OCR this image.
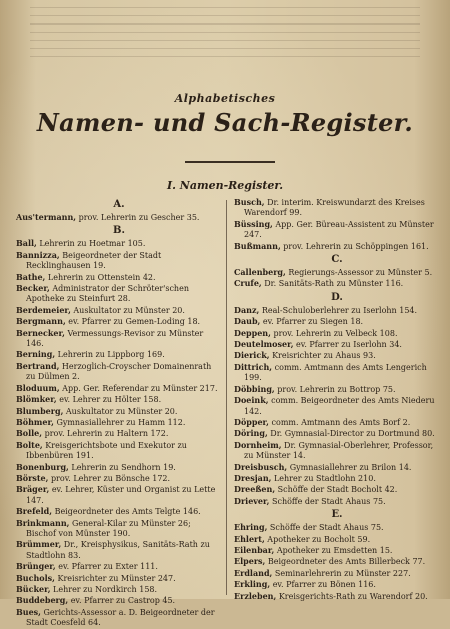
Alphabetisches
Namen- und Sach-Register.
I. Namen-Register.
A.
Aus'termann, prov. Lehrerin zu Gescher 35.
B.
Ball, Lehrerin zu Hoetmar 105.
Bannizza, Beigeordneter der Stadt Recklinghausen 19.
Bathe, Lehrerin zu Ottenstein 42.
Becker, Administrator der Schröter'schen Apotheke zu Steinfurt 28.
Berdemeier, Auskultator zu Münster 20.
Bergmann, ev. Pfarrer zu Gemen-Loding 18.
Bernecker, Vermessungs-Revisor zu Münster 146.
Berning, Lehrerin zu Lippborg 169.
Bertrand, Herzoglich-Croyscher Domainenrath zu Dülmen 2.
Bloduum, App. Ger. Referendar zu Münster 217.
Blömker, ev. Lehrer zu Hölter 158.
Blumberg, Auskultator zu Münster 20.
Böhmer, Gymnasiallehrer zu Hamm 112.
Bolle, prov. Lehrerin zu Haltern 172.
Bolte, Kreisgerichtsbote und Exekutor zu Ibbenbüren 191.
Bonenburg, Lehrerin zu Sendhorn 19.
Börste, prov. Lehrer zu Bönsche 172.
Bräger, ev. Lehrer, Küster und Organist zu Lette 147.
Brefeld, Beigeordneter des Amts Telgte 146.
Brinkmann, General-Kilar zu Münster 26; Bischof von Münster 190.
Brümmer, Dr., Kreisphysikus, Sanitäts-Rath zu Stadtlohn 83.
Brünger, ev. Pfarrer zu Exter 111.
Buchols, Kreisrichter zu Münster 247.
Bücker, Lehrer zu Nordkirch 158.
Buddeberg, ev. Pfarrer zu Castrop 45.
Bues, Gerichts-Assessor a. D. Beigeordneter der Stadt Coesfeld 64.
Busch, Dr. interim. Kreiswundarzt des Kreises Warendorf 99.
Büssing, App. Ger. Büreau-Assistent zu Münster 247.
Bußmann, prov. Lehrerin zu Schöppingen 161.
C.
Callenberg, Regierungs-Assessor zu Münster 5.
Crufe, Dr. Sanitäts-Rath zu Münster 116.
D.
Danz, Real-Schuloberlehrer zu Iserlohn 154.
Daub, ev. Pfarrer zu Siegen 18.
Deppen, prov. Lehrerin zu Velbeck 108.
Deutelmoser, ev. Pfarrer zu Iserlohn 34.
Dierick, Kreisrichter zu Ahaus 93.
Dittrich, comm. Amtmann des Amts Lengerich 199.
Döbbing, prov. Lehrerin zu Bottrop 75.
Doeink, comm. Beigeordneter des Amts Niederu 142.
Döpper, comm. Amtmann des Amts Borf 2.
Döring, Dr. Gymnasial-Director zu Dortmund 80.
Dornheim, Dr. Gymnasial-Oberlehrer, Professor, zu Münster 14.
Dreisbusch, Gymnasiallehrer zu Brilon 14.
Dresjan, Lehrer zu Stadtlohn 210.
Dreeßen, Schöffe der Stadt Bocholt 42.
Driever, Schöffe der Stadt Ahaus 75.
E.
Ehring, Schöffe der Stadt Ahaus 75.
Ehlert, Apotheker zu Bocholt 59.
Eilenbar, Apotheker zu Emsdetten 15.
Elpers, Beigeordneter des Amts Billerbeck 77.
Erdland, Seminarlehrerin zu Münster 227.
Erkling, ev. Pfarrer zu Bönen 116.
Erzleben, Kreisgerichts-Rath zu Warendorf 20.
